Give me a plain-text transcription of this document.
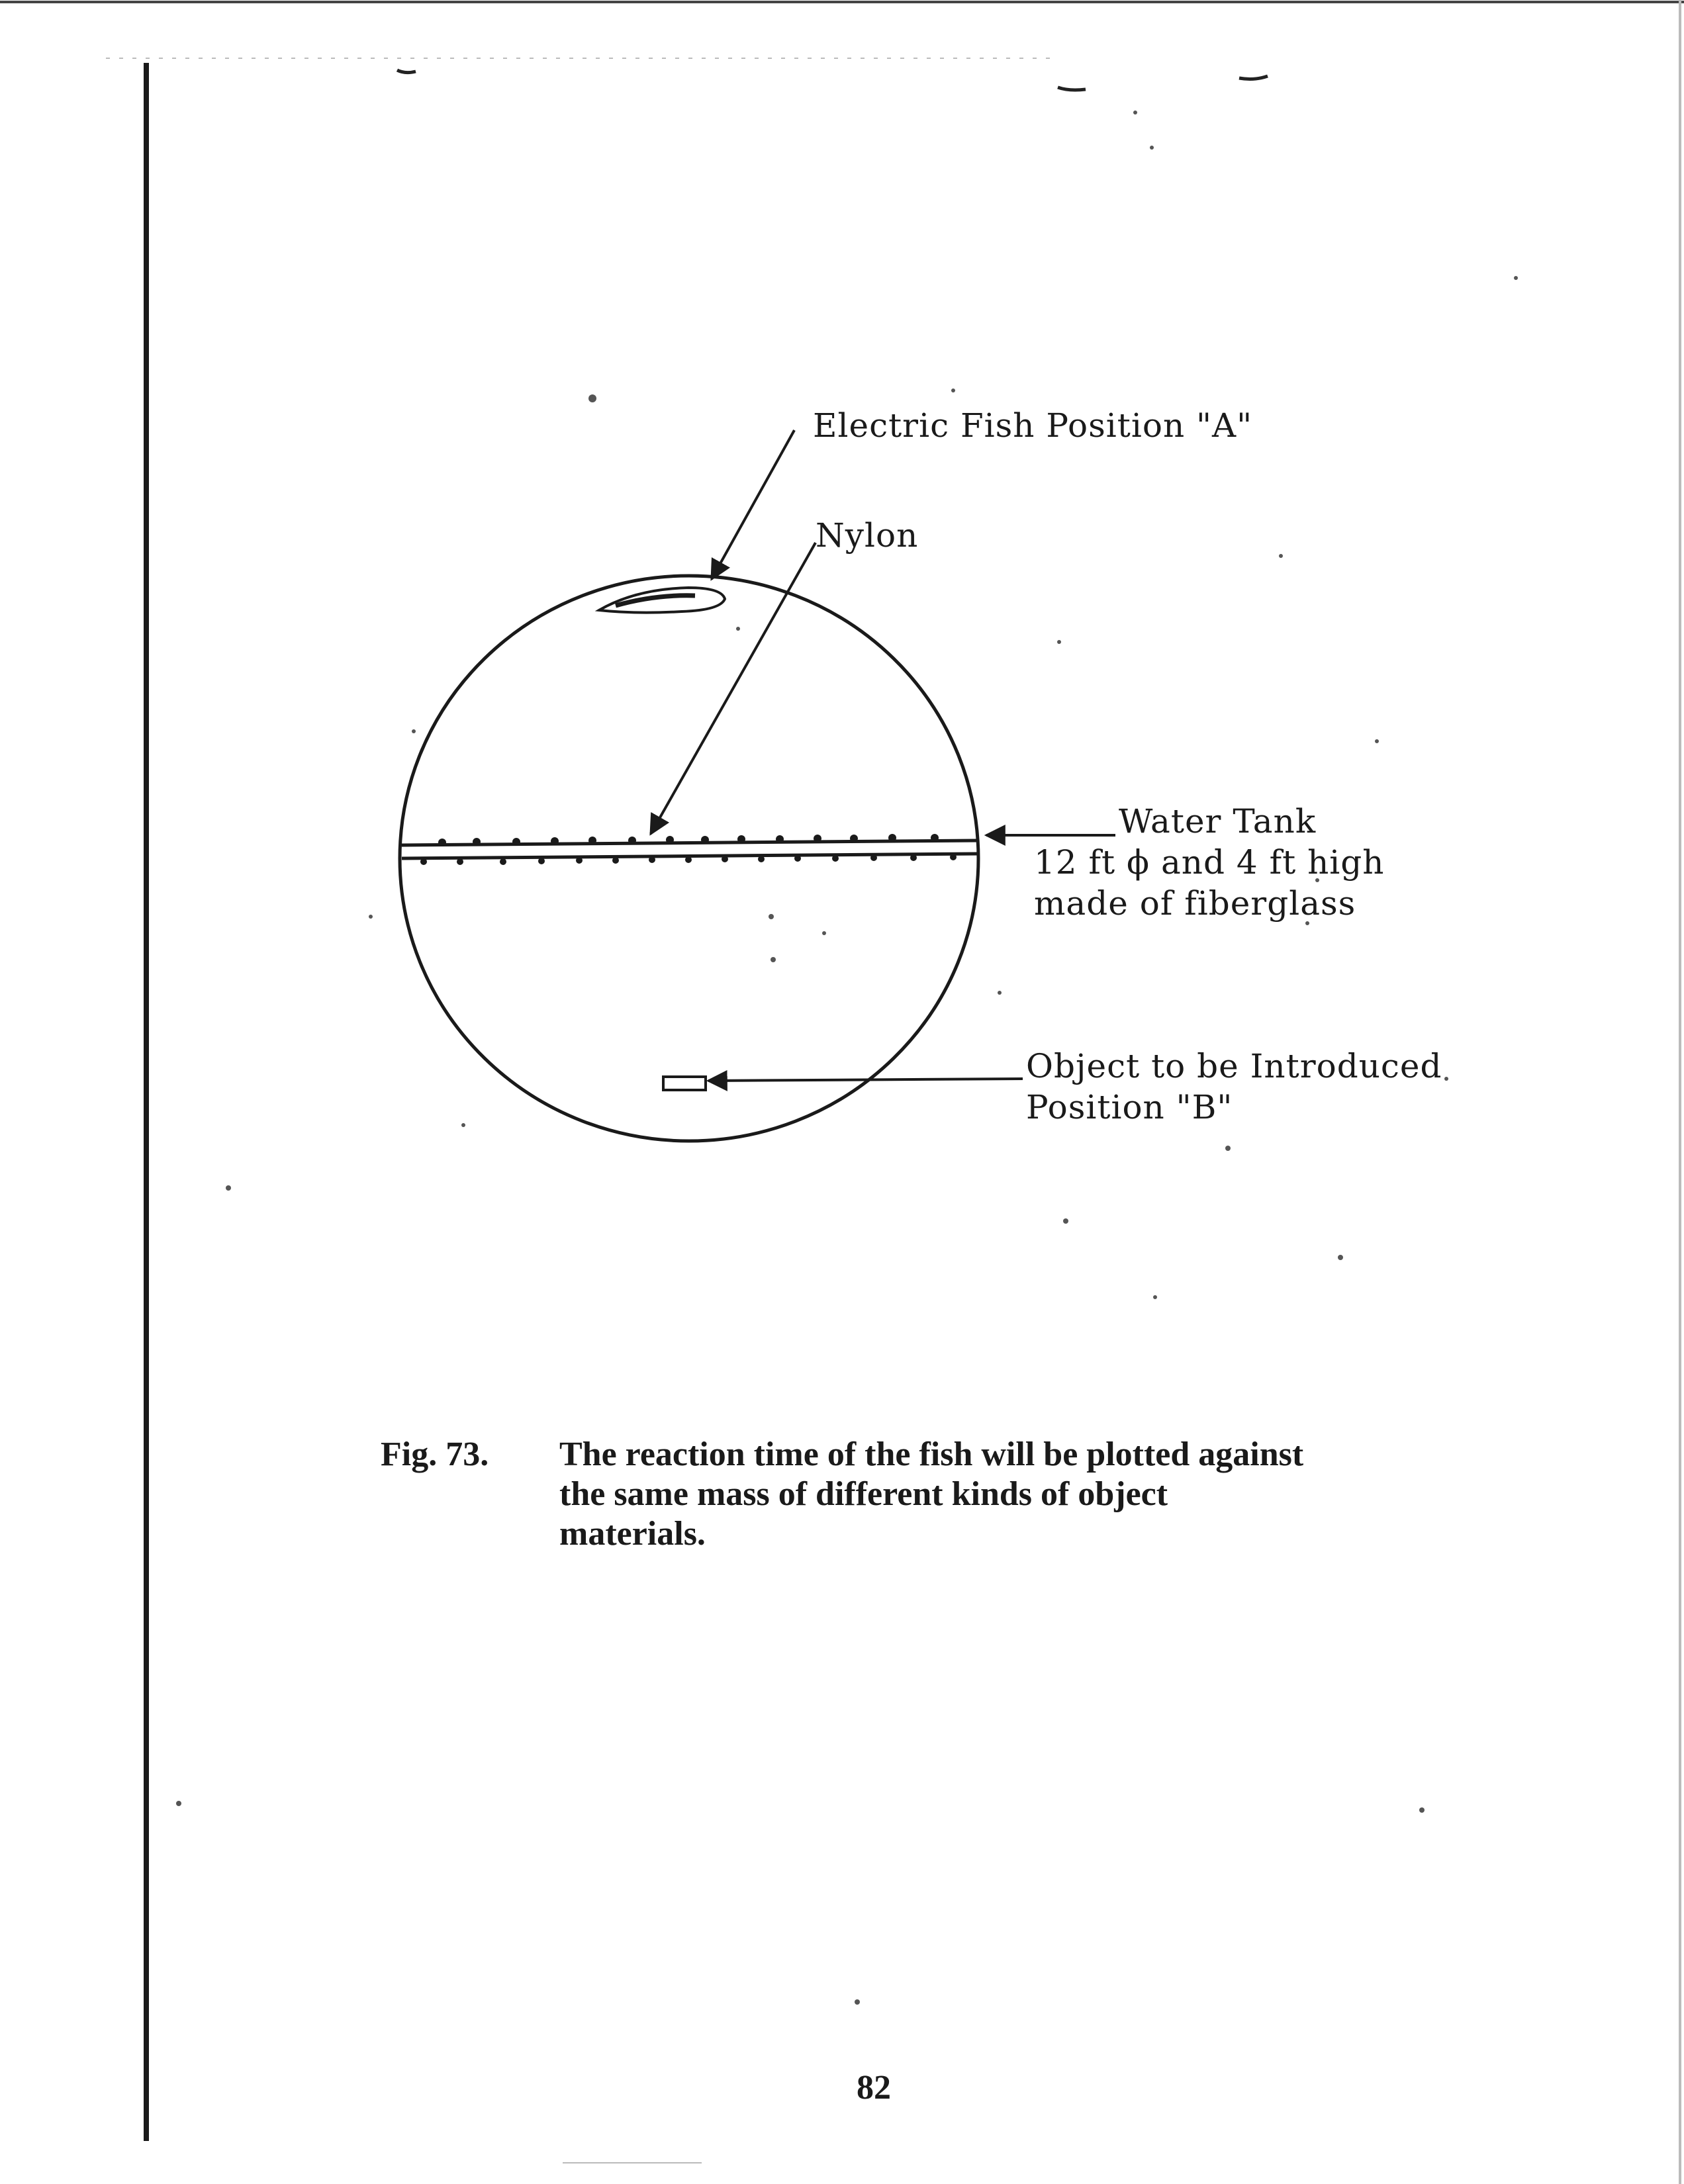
Electric Fish Position "A"
Nylon
Water Tank
12 ft ϕ and 4 ft high
made of fiberglass
Object to be Introduced
Position "B"
Fig. 73. The reaction time of the fish will be plotted against the same mass of different kinds of object materials.
82
